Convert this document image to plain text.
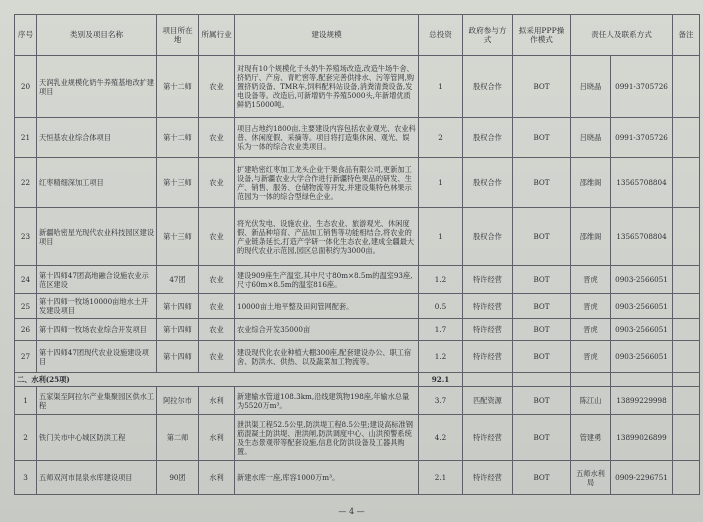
序号	类别及项目名称	项目所在地	所属行业	建设规模	总投资	政府参与方式	拟采用PPP操作模式	责任人及联系方式		备注
20	天润乳业规模化奶牛养殖基地改扩建项目	第十二师	农业	对现有10个规模化千头奶牛养殖场改造,改造牛场牛舍、挤奶厅、产房、青贮窖等,配套完善供排水、污等管网,购置挤奶设备、TMR车,饲料配料站设备,消粪清粪设备,发电设备等。改造后,可新增奶牛养殖5000头,年新增优质鲜奶15000吨。	1	股权合作	BOT	吕晓晶	0991-3705726	
21	天恒基农业综合体项目	第十二师	农业	项目占地约1800亩,主要建设内容包括农业观光、农业科普、休闲度假、采摘等。项目将打造集休闲、观光、娱乐为一体的综合农业类项目。	2	股权合作	BOT	吕晓晶	0991-3705726	
22	红枣精细深加工项目	第十三师	农业	扩建哈密红枣加工龙头企业干果食品有限公司,更新加工设备,与新疆农业大学合作进行新疆特色果品的研发、生产、销售、服务、仓储物流等开发,并建设集特色林果示范园为一体的综合型绿色企业。	1	股权合作	BOT	邵维阁	13565708804	
23	新疆哈密星光现代农业科技园区建设项目	第十三师	农业	将光伏发电、设施农业、生态农业、旅游观光、休闲度假、新品种培育、产品加工销售等功能相结合,将农业的产业链条延长,打造产学研一体化生态农业,建成全疆最大的现代农业示范园,园区总面积约为3000亩。	1	股权合作	BOT	邵维阁	13565708804	
24	第十四师47团高地融合设施农业示范区建设	47团	农业	建设909座生产温室,其中尺寸80m×8.5m的温室93座,尺寸60m×8.5m的温室816座。	1.2	特许经营	BOT	晋虎	0903-2566051	
25	第十四师一牧场10000亩地水土开发建设项目	第十四师	农业	10000亩土地平整及田间管网配套。	0.5	特许经营	BOT	晋虎	0903-2566051	
26	第十四师一牧场农业综合开发项目	第十四师	农业	农业综合开发35000亩	1.7	特许经营	BOT	晋虎	0903-2566051	
27	第十四师47团现代农业设施建设项目	第十四师	农业	建设现代化农业种植大棚300座,配套建设办公、职工宿舍、防洪水、供热、以及蔬菜加工物流等。	1.2	特许经营	BOT	晋虎	0903-2566051	
二、水利(25项)					92.1					
1	五家渠至阿拉尔产业集聚园区供水工程	阿拉尔市	水利	新建输水管道108.3km,沿线建筑物198座,年输水总量为5520万m³。	3.7	匹配资源	BOT	陈江山	13899229998	
2	铁门关市中心城区防洪工程	第二师	水利	泄洪渠工程52.5公里,防洪堤工程8.5公里;建设高标准钢筋混凝土防洪堤、泄洪闸,防洪调度中心、山洪预警系统及生态景观带等配套设施,信息化防洪设备及工器具购置。	4.2	特许经营	BOT	管建勇	13899026899	
3	五师双河市昆泉水库建设项目	90团	水利	新建水库一座,库容1000万m³。	2.1	特许经营	BOT	五师水利局	0909-2296751	
— 4 —
